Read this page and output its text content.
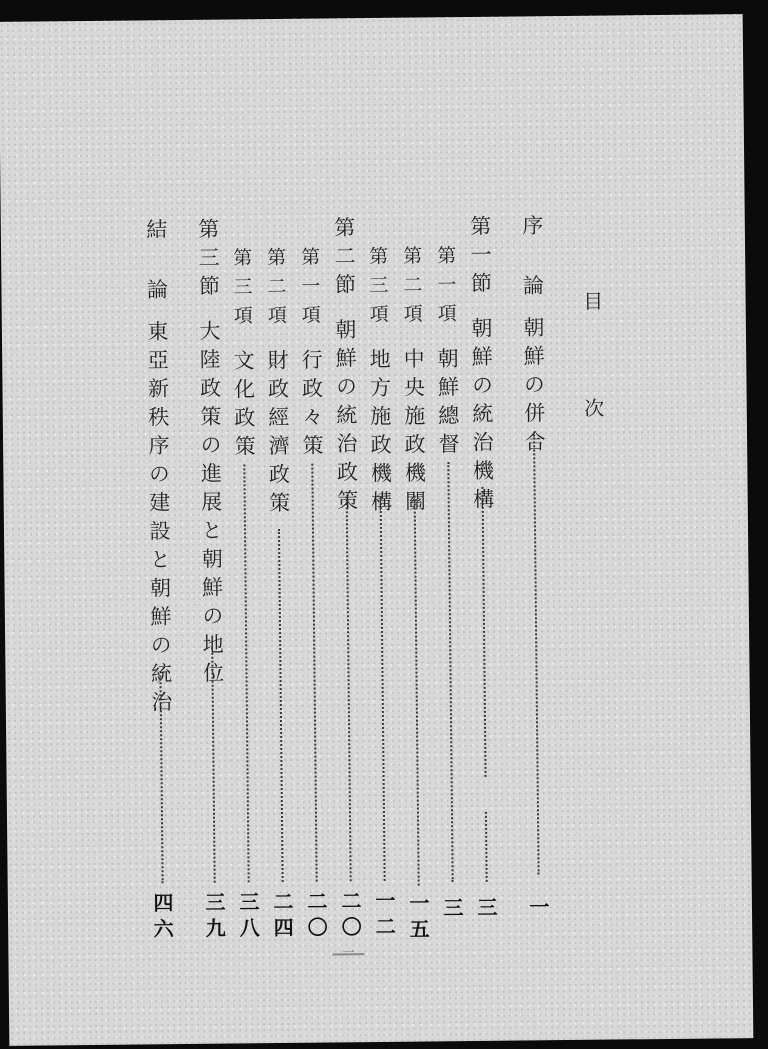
目
次
序
論
朝鮮の併合
一
第一節
朝鮮の統治機構
三
第一項
朝鮮總督
三
第二項
中央施政機關
一五
第三項
地方施政機構
一二
第二節
朝鮮の統治政策
二〇
第一項
行政々策
二〇
第二項
財政經濟政策
二四
第三項
文化政策
三八
第三節
大陸政策の進展と朝鮮の地位
三九
結
論
東亞新秩序の建設と朝鮮の統治
四六
一
